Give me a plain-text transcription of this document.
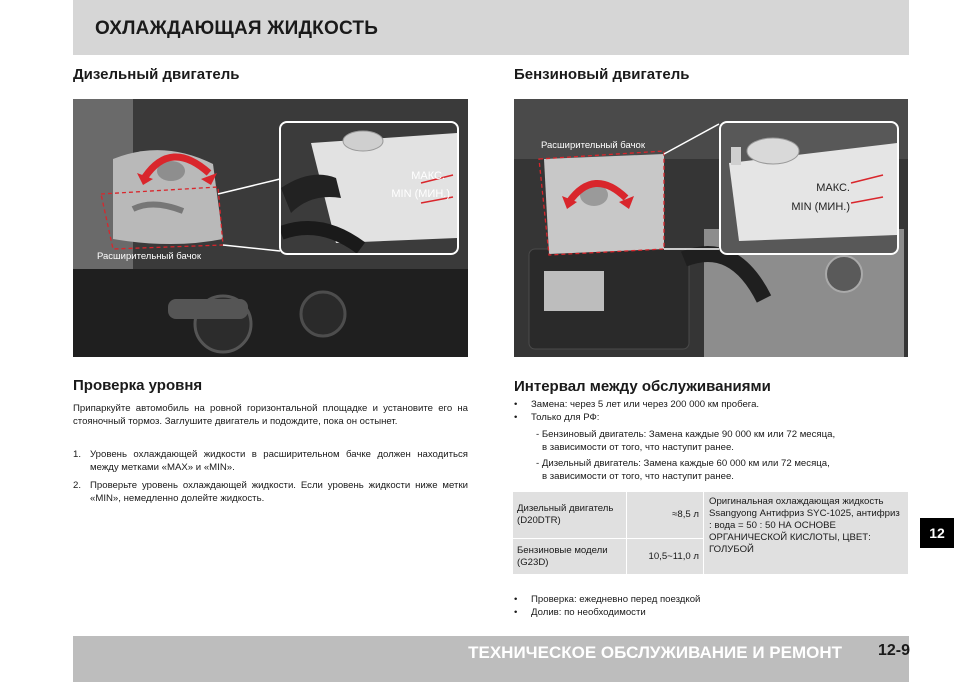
ОХЛАЖДАЮЩАЯ ЖИДКОСТЬ
Дизельный двигатель	Бензиновый двигатель
МАКС.
MIN (МИН.)
Расширительный бачок
МАКС.
MIN (МИН.)
Расширительный бачок
Проверка уровня
Припаркуйте автомобиль на ровной горизонтальной площадке и установите его на стояночный тормоз. Заглушите двигатель и подождите, пока он остынет.
1. Уровень охлаждающей жидкости в расширительном бачке должен находиться между метками «MAX» и «MIN».
2. Проверьте уровень охлаждающей жидкости. Если уровень жидкости ниже метки «MIN», немедленно долейте жидкость.
Интервал между обслуживаниями
• Замена: через 5 лет или через 200 000 км пробега.
• Только для РФ:
- Бензиновый двигатель: Замена каждые 90 000 км или 72 месяца,
в зависимости от того, что наступит ранее.
- Дизельный двигатель: Замена каждые 60 000 км или 72 месяца,
в зависимости от того, что наступит ранее.
Дизельный двигатель (D20DTR)	≈8,5 л	Оригинальная охлаждающая жидкость Ssangyong Антифриз SYC-1025, антифриз : вода = 50 : 50 НА ОСНОВЕ ОРГАНИЧЕСКОЙ КИСЛОТЫ, ЦВЕТ: ГОЛУБОЙ
Бензиновые модели (G23D)	10,5~11,0 л	
• Проверка: ежедневно перед поездкой
• Долив: по необходимости
12
ТЕХНИЧЕСКОЕ ОБСЛУЖИВАНИЕ И РЕМОНТ 12-9
